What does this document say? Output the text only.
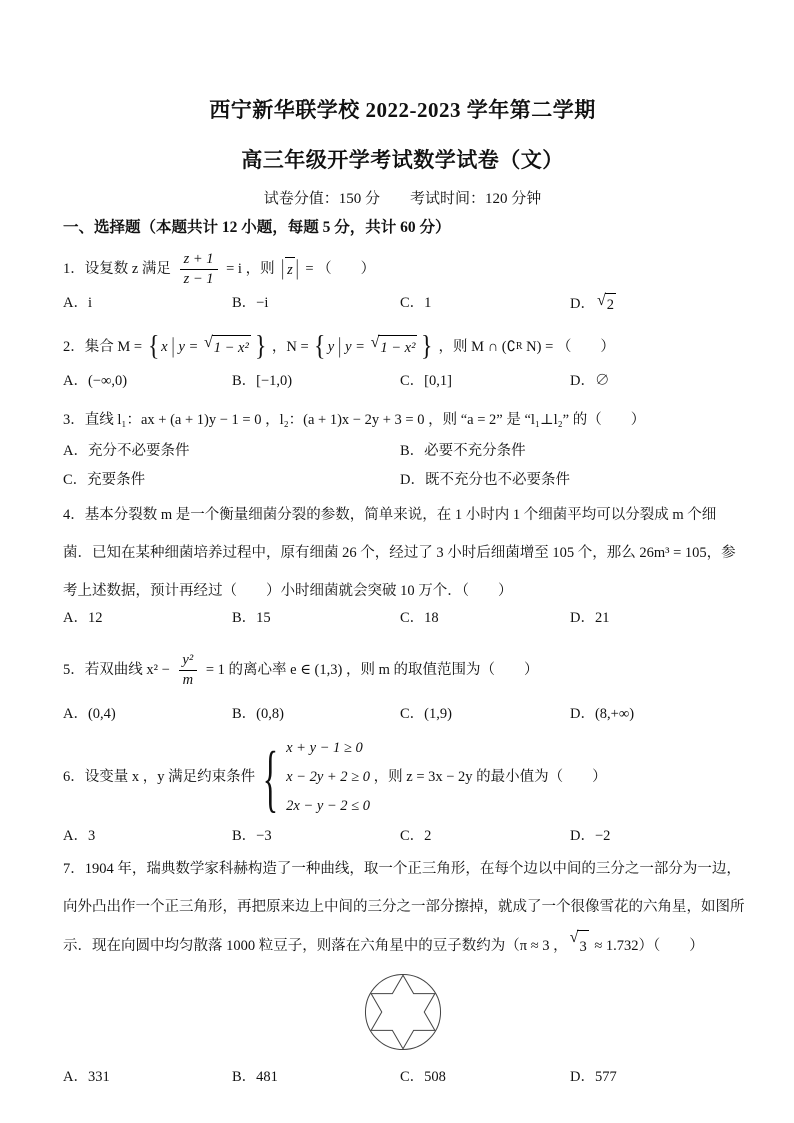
西宁新华联学校 2022-2023 学年第二学期
高三年级开学考试数学试卷（文）
试卷分值：150 分　　考试时间：120 分钟
一、选择题（本题共计 12 小题，每题 5 分，共计 60 分）
1．设复数 z 满足 $\frac{z + 1}{z - 1} = i$ ，则 | z | = （　　）
A．i	B．−i	C．1	D． √ 2
2．集合 M = { x | y = √ 1 − x² } ，N = { y | y = √ 1 − x² } ，则 M ∩ (∁ R N) = （　　）
A．(−∞,0)	B．[−1,0)	C．[0,1]	D．∅
3．直线 l₁：ax + (a + 1)y − 1 = 0 ，l₂：(a + 1)x − 2y + 3 = 0 ，则 “a = 2” 是 “l₁⊥l₂” 的（　　）
A．充分不必要条件	B．必要不充分条件
C．充要条件	D．既不充分也不必要条件
4．基本分裂数 m 是一个衡量细菌分裂的参数，简单来说，在 1 小时内 1 个细菌平均可以分裂成 m 个细
菌．已知在某种细菌培养过程中，原有细菌 26 个，经过了 3 小时后细菌增至 105 个，那么 26m³ = 105，参
考上述数据，预计再经过（　　）小时细菌就会突破 10 万个．（　　）
A．12	B．15	C．18	D．21
5．若双曲线 $x^2 - \frac{\text{y²}}{m} = 1$ 的离心率 e ∈ (1,3) ，则 m 的取值范围为（　　）
A．(0,4)	B．(0,8)	C．(1,9)	D．(8,+∞)
6．设变量 x ，y 满足约束条件 { x + y − 1 ≥ 0
x − 2y + 2 ≥ 0
2x − y − 2 ≤ 0
，则 z = 3x − 2y 的最小值为（　　）
A．3	B．−3	C．2	D．−2
7．1904 年，瑞典数学家科赫构造了一种曲线，取一个正三角形，在每个边以中间的三分之一部分为一边，
向外凸出作一个正三角形，再把原来边上中间的三分之一部分擦掉，就成了一个很像雪花的六角星，如图所
示．现在向圆中均匀散落 1000 粒豆子，则落在六角星中的豆子数约为（π ≈ 3 ， √
3 ≈ 1.732）（　　）
A．331	B．481	C．508	D．577
